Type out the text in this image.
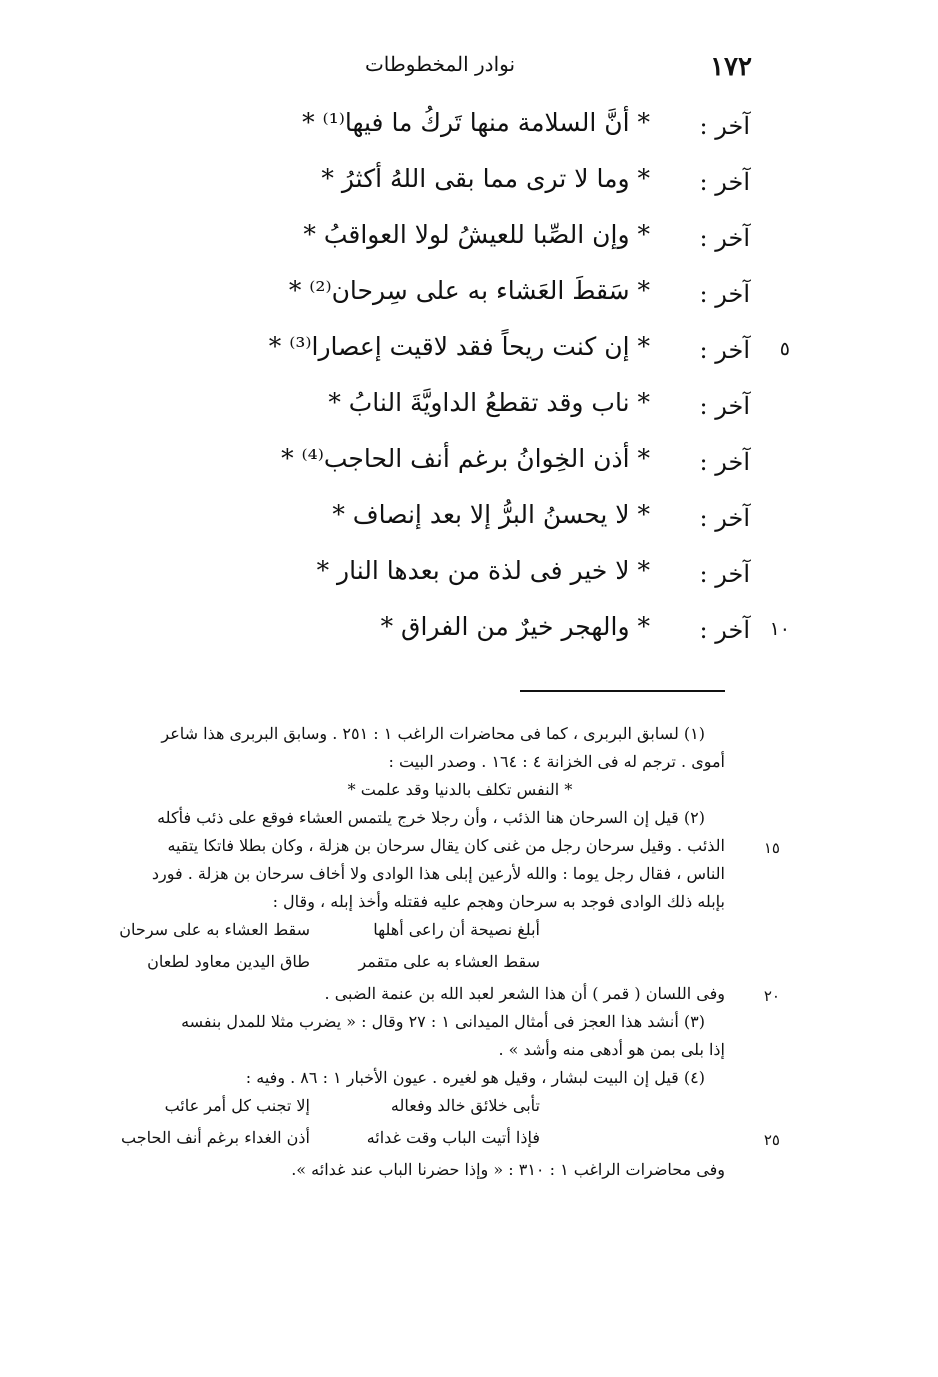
١٧٢
نوادر المخطوطات
آخر :
* أنَّ السلامة منها تَركُ ما فيها⁽¹⁾ *
آخر :
* وما لا ترى مما بقى اللهُ أكثرُ *
آخر :
* وإن الصِّبا للعيشُ لولا العواقبُ *
آخر :
* سَقطَ العَشاء به على سِرحان⁽²⁾ *
٥
آخر :
* إن كنت ريحاً فقد لاقيت إعصارا⁽³⁾ *
آخر :
* ناب وقد تقطعُ الداويَّةَ النابُ *
آخر :
* أذن الخِوانُ برغم أنف الحاجب⁽⁴⁾ *
آخر :
* لا يحسنُ البرُّ إلا بعد إنصاف *
آخر :
* لا خير فى لذة من بعدها النار *
١٠
آخر :
* والهجر خيرٌ من الفراق *
(١) لسابق البربرى ، كما فى محاضرات الراغب ١ : ٢٥١ . وسابق البربرى هذا شاعر
أموى . ترجم له فى الخزانة ٤ : ١٦٤ . وصدر البيت :
* النفس تكلف بالدنيا وقد علمت *
(٢) قيل إن السرحان هنا الذئب ، وأن رجلا خرج يلتمس العشاء فوقع على ذئب فأكله
١٥
الذئب . وقيل سرحان رجل من غنى كان يقال سرحان بن هزلة ، وكان بطلا فاتكا يتقيه
الناس ، فقال رجل يوما : والله لأرعين إبلى هذا الوادى ولا أخاف سرحان بن هزلة . فورد
بإبله ذلك الوادى فوجد به سرحان وهجم عليه فقتله وأخذ إبله ، وقال :
أبلغ نصيحة أن راعى أهلها
سقط العشاء به على سرحان
سقط العشاء به على متقمر
طاق اليدين معاود لطعان
٢٠
وفى اللسان ( قمر ) أن هذا الشعر لعبد الله بن عنمة الضبى .
(٣) أنشد هذا العجز فى أمثال الميدانى ١ : ٢٧ وقال : « يضرب مثلا للمدل بنفسه
إذا بلى بمن هو أدهى منه وأشد » .
(٤) قيل إن البيت لبشار ، وقيل هو لغيره . عيون الأخبار ١ : ٨٦ . وفيه :
تأبى خلائق خالد وفعاله
إلا تجنب كل أمر عائب
٢٥
فإذا أتيت الباب وقت غدائه
أذن الغداء برغم أنف الحاجب
وفى محاضرات الراغب ١ : ٣١٠ : « وإذا حضرنا الباب عند غدائه ».
